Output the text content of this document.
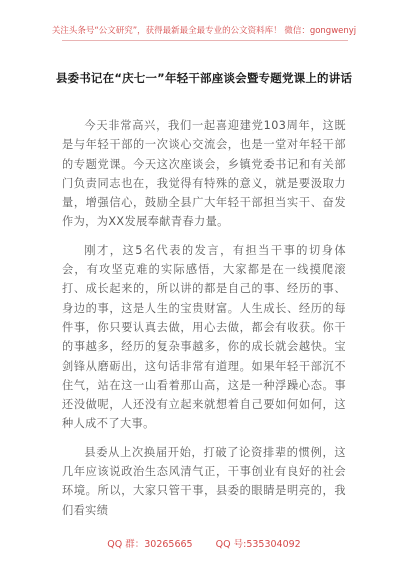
关注头条号“公文研究”，获得最新最全最专业的公文资料库！ 微信：gongwenyj
县委书记在“庆七一”年轻干部座谈会暨专题党课上的讲话

今天非常高兴，我们一起喜迎建党103周年，这既是与年轻干部的一次谈心交流会，也是一堂对年轻干部的专题党课。今天这次座谈会，乡镇党委书记和有关部门负责同志也在，我觉得有特殊的意义，就是要汲取力量，增强信心，鼓励全县广大年轻干部担当实干、奋发作为，为XX发展奉献青春力量。

刚才，这5名代表的发言，有担当干事的切身体会，有攻坚克难的实际感悟，大家都是在一线摸爬滚打、成长起来的，所以讲的都是自己的事、经历的事、身边的事，这是人生的宝贵财富。人生成长、经历的每件事，你只要认真去做，用心去做，都会有收获。你干的事越多，经历的复杂事越多，你的成长就会越快。宝剑锋从磨砺出，这句话非常有道理。如果年轻干部沉不住气，站在这一山看着那山高，这是一种浮躁心态。事还没做呢，人还没有立起来就想着自己要如何如何，这种人成不了大事。

县委从上次换届开始，打破了论资排辈的惯例，这几年应该说政治生态风清气正，干事创业有良好的社会环境。所以，大家只管干事，县委的眼睛是明亮的，我们看实绩

QQ 群：30265665 QQ 号:535304092
